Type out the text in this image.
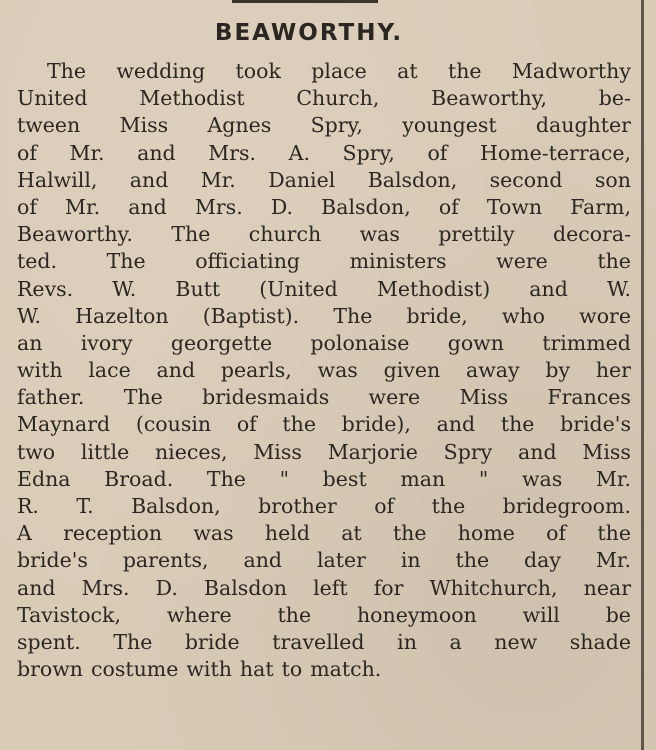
BEAWORTHY.
The wedding took place at the Madworthy
United	Methodist	Church,	Beaworthy,	be-
tween Miss Agnes Spry, youngest daughter
of Mr. and Mrs. A. Spry, of Home-terrace,
Halwill, and Mr. Daniel Balsdon, second son
of Mr. and Mrs. D. Balsdon, of Town Farm,
Beaworthy. The church was prettily decora-
ted. The officiating ministers were the
Revs. W. Butt (United Methodist) and W.
W. Hazelton (Baptist). The bride, who wore
an ivory georgette polonaise gown trimmed
with lace and pearls, was given away by her
father. The bridesmaids were Miss Frances
Maynard (cousin of the bride), and the bride's
two little nieces, Miss Marjorie Spry and Miss
Edna Broad. The " best man " was Mr.
R. T. Balsdon, brother of the bridegroom.
A reception was held at the home of the
bride's parents, and later in the day Mr.
and Mrs. D. Balsdon left for Whitchurch, near
Tavistock, where the honeymoon will be
spent. The bride travelled in a new shade
brown costume with hat to match.
